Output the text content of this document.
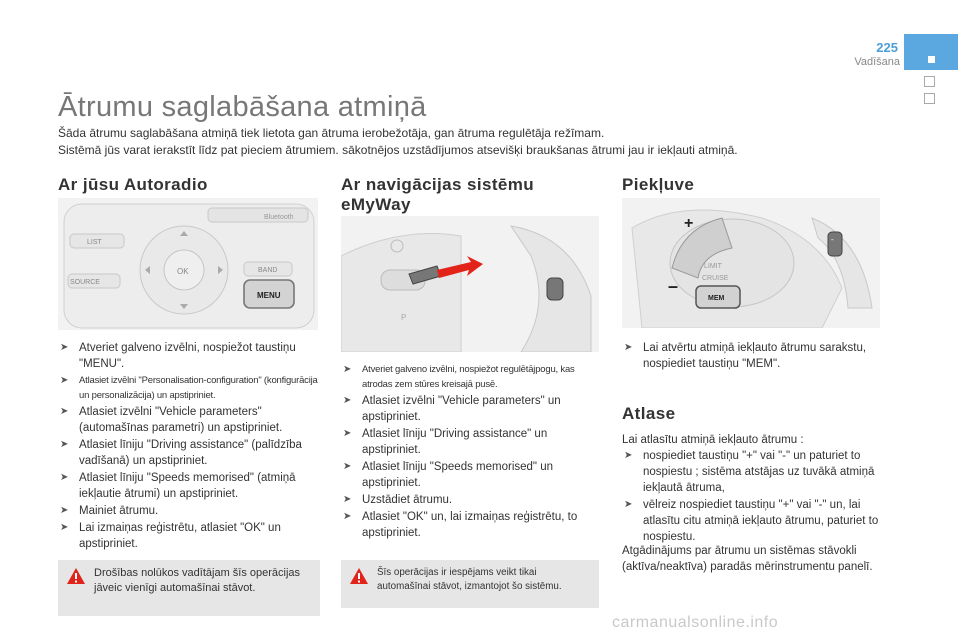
225
Vadīšana
Ātrumu saglabāšana atmiņā

Šāda ātrumu saglabāšana atmiņā tiek lietota gan ātruma ierobežotāja, gan ātruma regulētāja režīmam.

Sistēmā jūs varat ierakstīt līdz pat pieciem ātrumiem. sākotnējos uzstādījumos atsevišķi braukšanas ātrumi jau ir iekļauti atmiņā.

Ar jūsu Autoradio
Bluetooth
LIST
SOURCE
OK	BAND
MENU
➤ Atveriet galveno izvēlni, nospiežot taustiņu "MENU".
➤ Atlasiet izvēlni "Personalisation-configuration" (konfigurācija un personalizācija) un apstipriniet.
➤ Atlasiet izvēlni "Vehicle parameters" (automašīnas parametri) un apstipriniet.
➤ Atlasiet līniju "Driving assistance" (palīdzība vadīšanā) un apstipriniet.
➤ Atlasiet līniju "Speeds memorised" (atmiņā iekļautie ātrumi) un apstipriniet.
➤ Mainiet ātrumu.
➤ Lai izmaiņas reģistrētu, atlasiet "OK" un apstipriniet.
Drošības nolūkos vadītājam šīs operācijas jāveic vienīgi automašīnai stāvot.
Ar navigācijas sistēmu
eMyWay
P
➤ Atveriet galveno izvēlni, nospiežot regulētājpogu, kas atrodas zem stūres kreisajā pusē.
➤ Atlasiet izvēlni "Vehicle parameters" un apstipriniet.
➤ Atlasiet līniju "Driving assistance" un apstipriniet.
➤ Atlasiet līniju "Speeds memorised" un apstipriniet.
➤ Uzstādiet ātrumu.
➤ Atlasiet "OK" un, lai izmaiņas reģistrētu, to apstipriniet.
Šīs operācijas ir iespējams veikt tikai automašīnai stāvot, izmantojot šo sistēmu.
Piekļuve
+
–
LIMIT
CRUISE
MEM
-
➤ Lai atvērtu atmiņā iekļauto ātrumu sarakstu, nospiediet taustiņu "MEM".
Atlase
Lai atlasītu atmiņā iekļauto ātrumu :
➤ nospiediet taustiņu "+" vai "-" un paturiet to nospiestu ; sistēma atstājas uz tuvākā atmiņā iekļautā ātruma,
➤ vēlreiz nospiediet taustiņu "+" vai "-" un, lai atlasītu citu atmiņā iekļauto ātrumu, paturiet to nospiestu.
Atgādinājums par ātrumu un sistēmas stāvokli (aktīva/neaktīva) paradās mērinstrumentu panelī.
carmanualsonline.info
